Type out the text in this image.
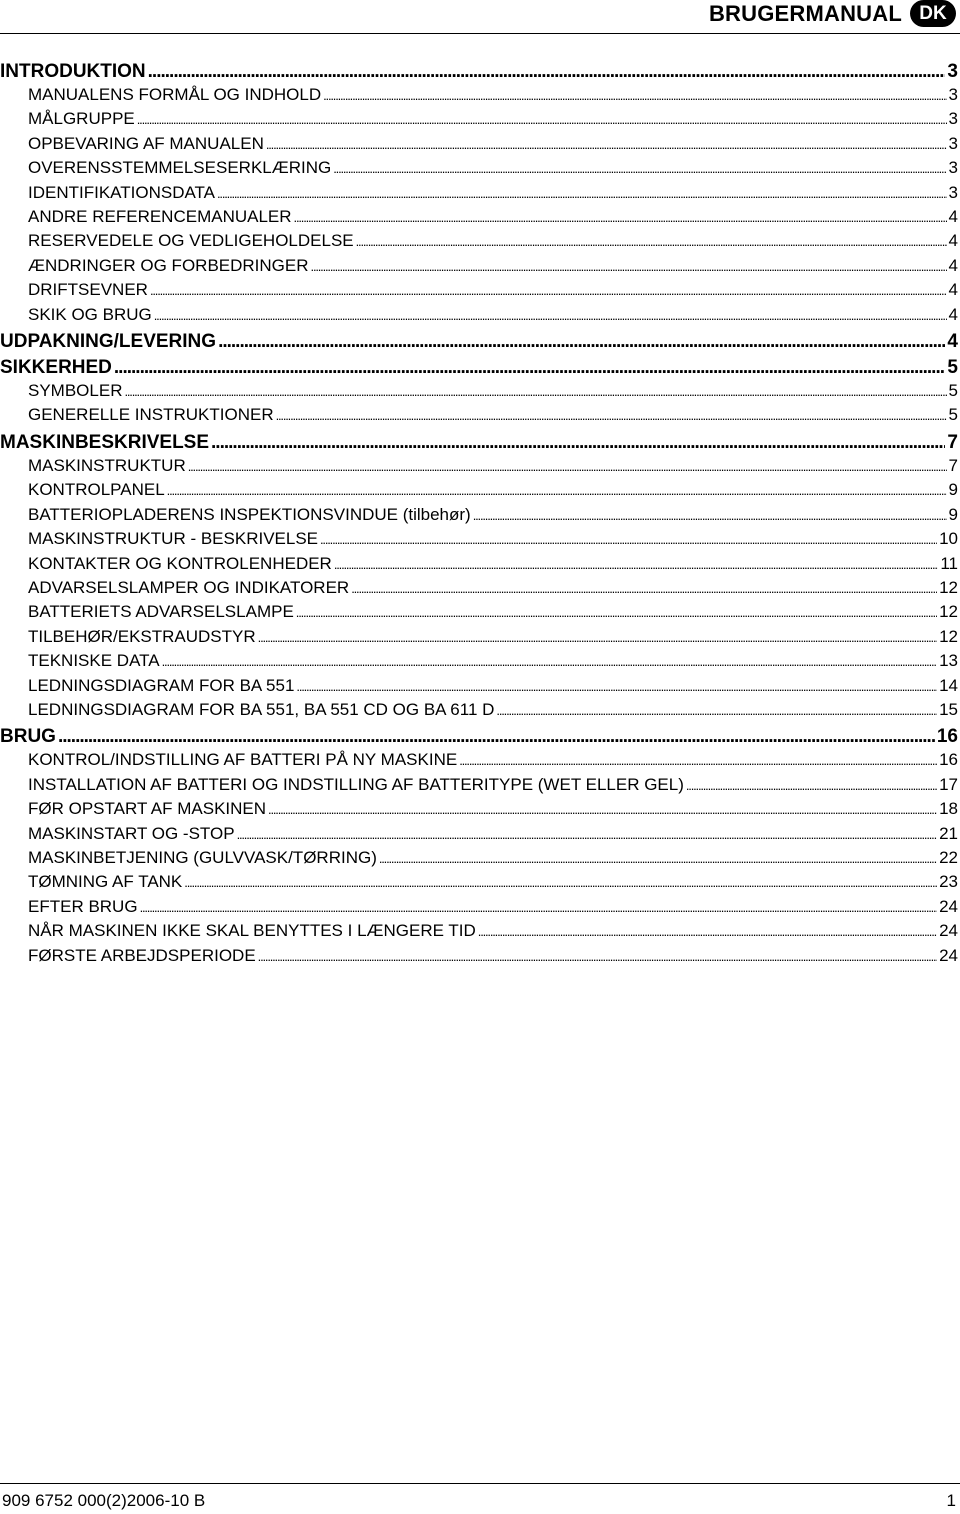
BRUGERMANUAL DK
INTRODUKTION .....	3
MANUALENS FORMÅL OG INDHOLD .....	3
MÅLGRUPPE .....	3
OPBEVARING AF MANUALEN .....	3
OVERENSSTEMMELSESERKLÆRING .....	3
IDENTIFIKATIONSDATA .....	3
ANDRE REFERENCEMANUALER .....	4
RESERVEDELE OG VEDLIGEHOLDELSE .....	4
ÆNDRINGER OG FORBEDRINGER .....	4
DRIFTSEVNER .....	4
SKIK OG BRUG .....	4
UDPAKNING/LEVERING .....	4
SIKKERHED .....	5
SYMBOLER .....	5
GENERELLE INSTRUKTIONER .....	5
MASKINBESKRIVELSE .....	7
MASKINSTRUKTUR .....	7
KONTROLPANEL .....	9
BATTERIOPLADERENS INSPEKTIONSVINDUE (tilbehør) .....	9
MASKINSTRUKTUR - BESKRIVELSE .....	10
KONTAKTER OG KONTROLENHEDER .....	11
ADVARSELSLAMPER OG INDIKATORER .....	12
BATTERIETS ADVARSELSLAMPE .....	12
TILBEHØR/EKSTRAUDSTYR .....	12
TEKNISKE DATA .....	13
LEDNINGSDIAGRAM FOR BA 551 .....	14
LEDNINGSDIAGRAM FOR BA 551, BA 551 CD OG BA 611 D .....	15
BRUG .....	16
KONTROL/INDSTILLING AF BATTERI PÅ NY MASKINE .....	16
INSTALLATION AF BATTERI OG INDSTILLING AF BATTERITYPE (WET ELLER GEL) .....	17
FØR OPSTART AF MASKINEN .....	18
MASKINSTART OG -STOP .....	21
MASKINBETJENING (GULVVASK/TØRRING) .....	22
TØMNING AF TANK .....	23
EFTER BRUG .....	24
NÅR MASKINEN IKKE SKAL BENYTTES I LÆNGERE TID .....	24
FØRSTE ARBEJDSPERIODE .....	24
909 6752 000(2)2006-10 B	1
